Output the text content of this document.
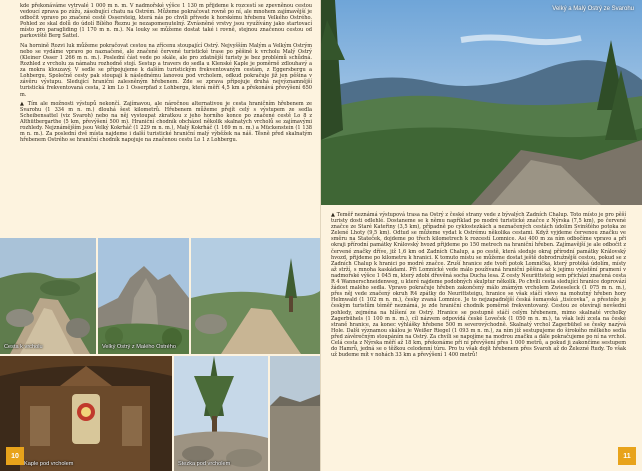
kde překonáváme vytrvalé 1 000 m n. m. V nadmořské výšce 1 130 m přijdeme k rozcestí se zpevněnou cestou vedoucí zprava po zúžu, zásobující chatu na Ostrém. Můžeme pokračovat rovně po ní, ale mnohem zajímavější je odbočit vpravo po značené cestě Ossersteig, která nás po chvíli přivede k horskému hřebenu Velkého Ostrého. Pohled ze skal dolů do údolí Bílého Řeznu je nezapomenutelný. Zvrásněné vrstvy jsou využívány jako startovací místo pro paragliding (1 170 m n. m.). Na louky se můžeme dostat také i rovně, stejnou značenou cestou od parkoviště Berg Sattel.

Na hornině Rozvi luk můžeme pokračovat cestou na zřícenu stoupající Ostrý. Nejvyšším Malým a Velkým Ostrým nebo se vydáme vpravo po naznačené, ale značené červené turistické trase po pěšině k vrcholu Malý Ostrý (Kleiner Osser 1 266 m n. m.). Poslední část vede po skále, ale pro zdatnější turisty je bez problémů schůdná. Rozhled z vrcholu za námahu rozhodně stojí. Sestup a travers do sedla u Klenské Kaple je poměrně zdlouhavý a za mokra klouzavý. V sedle se připojujeme k dalším turistickým frekventovaným cestám, z Eggersbergu a Lohbergu. Společně cesty pak stoupají k následnému lanovou pod vrcholem, odkud pokračuje již jen pěšina v závěru výstupu. Sledující hraniční zalesněným hřebenem. Zde se zprava připojuje druhá nejvýznamnější turistická frekventovaná cesta, 2 km Lo 1 Osserpfad z Lohbergu, která měří 4,5 km a překonává převýšení 650 m.

▲ Tím ale možnosti výstupů nekončí. Zajímavou, ale náročnou alternativou je cesta hraničním hřebenem ze Svarohu (1 334 m n. m.) dlouhá šest kilometrů. Hřebenem můžeme přejít celý s výstupem ze sedla Scheibensattel (viz Svaroh) nebo na něj vystoupat zkratkou z jeho horního konce po značené cestě Lo 8 z Althütbergarthe (5 km, převýšení 500 m). Hraniční chodník obcházel několik skalnatých vrcholů se zajímavými rozhledy. Nejznámějším jsou Velký Kokrháč (1 229 m n. m.), Malý Kokrháč (1 169 m n. m.) a Mückenstein (1 138 m n. m.). Za poslední dvě místa najdeme i další turistické hraniční malý výběžek na náš. Těsně před skalnatým hřebenem Ostrého se hraniční chodník napojuje na značenou cestu Lo 1 z Lohbergu.

Cesta k vrcholu	Velký Ostrý z Malého Ostrého
Kaple pod vrcholem	Stezka pod vrcholem
10
Velký a Malý Ostrý ze Svarohu

▲ Teměř neznámá výstupová trasa na Ostrý z české strany vede z bývalých Zadních Chalup. Toto místo je pro pěší turisty dosti odlehlé. Dostaneme se k němu například po modré turistické značce z Nýrska (7,5 km), po červené značce ze Staré Kateřiny (3,5 km), případně po cyklostezkách a neznačených cestách údolím Svinšťého potoka ze Zelené Lhoty (9,5 km). Odtud se můžeme vydat k Ostrému několika cestami. Když vyjdeme červenou značku ve směru na Stateček, dojdeme po třech kilometrech k rozcestí Lomnice. Asi 400 m za ním odbočíme vpravo a při okraji přírodní památky Královský hvozd přijdeme po 150 metrech na hraniční hřeben. Zajímavější je ale odbočit z červené značky dříve, již 1,6 km od Zadních Chalup, a po cestě, která sleduje okraj přírodní památky Královský hvozd, přijdeme po kilometru k hranici. K tomuto místu se můžeme dostat ještě dobrodružnější cestou, pokud se z Zadních Chalup k hranici po modré značce. Zruší hranice zde tvoří potok Lomnička, který protéká údolím, místy až strží, s mnoha kaskádami. Při Lomnické vede málo používaná hraniční pěšina až k jejímu vyústění pramení v nadmořské výšce 1 045 m, který zdobí dřevěná socha Ducha lesa. Z cesty Neuriittsteig sem přichází značená cesta R 4 Wannerschneidenweg, u které najdeme podobných skulptur několik. Po chvíli cesta sledující hranice doprovází žádost malého sedla. Vpravo pokračuje hřeben zakončený málo známým vrcholem Zwieseleck (1 075 m n. m.), přes něj vede značený okruh R4 zpátky do Neurittsteigu, hranice se však stáčí vlevo na mohutný hřeben hory Helmwald (1 102 m n. m.), česky zvaná Lomnice. Je to nejzapadnější česká šumavská „tisícovka“, a přestože je českým turistům téměř neznámá, je zde hraniční chodník poměrně frekventovaný. Cestou ze otevírají nevšední pohledy, zejména na hlíšení ze Ostrý. Hranice se postupně stáčí celým hřebenem, mimo skalnaté vrcholky Zagerbühels (1 100 m n. m.), cíl názvem odpovídá české Loveček (1 050 m n. m.), ta však leží zcela na české straně hranice, za konec výhlášky hřebene 500 m severovýchodně. Skalnatý vrchol Zagerbühel se česky nazývá Hole. Dalši významou skálou je Weißer Riegel (1 093 m n. m.), za ním již sestupujeme do širokého mělkého sedla před závěrečným stoupáním na Ostrý. Za chvíli se napojíme na modrou značku a dále pokračujeme po ní na vrchol. Celá cesta z Nýrska měří až 18 km, překonáme při ní převýšení přes 1 000 metrů, a pokud ji zakončíme sestupem do Hamrů, jedná se o těžkou celodenní túru. Pro tu však dojít hřebenem přes Svaroh až do Železné Rudy. To však už budeme mít v nohách 33 km a převýšení 1 400 metrů!

11
